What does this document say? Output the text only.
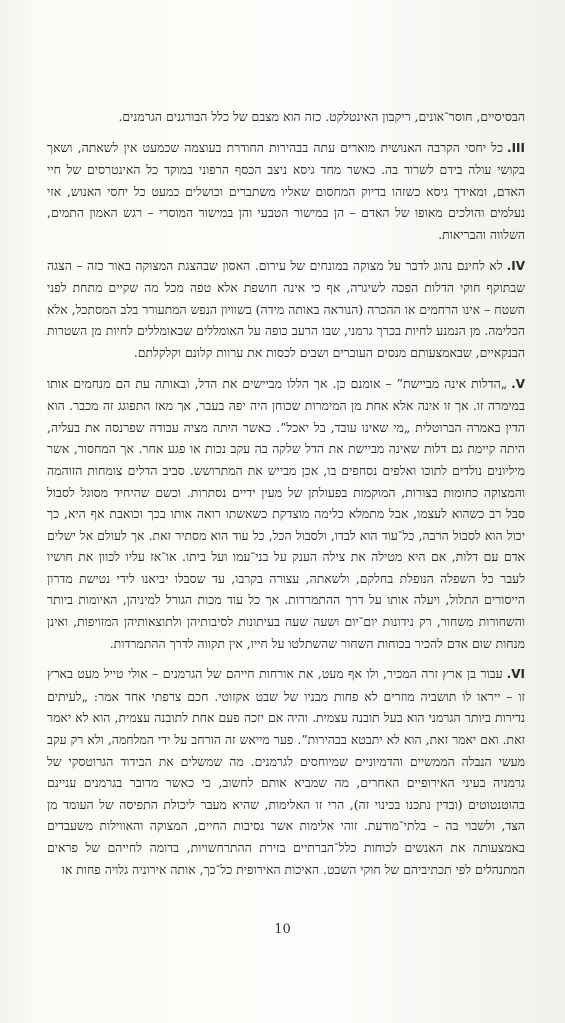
הבסיסיים, חוסר־אונים, ריקבון האינטלקט. כזה הוא מצבם של כלל הבורגנים הגרמנים.

III.כל יחסי הקרבה האנושית מוארים עתה בבהירות החודרת בעוצמה שכמעט אין לשאתה, ושאך בקושי עולה בידם לשרוד בה. כאשר מחד גיסא ניצב הכסף הרפוני במוקד כל האינטרסים של חיי האדם, ומאידך גיסא כשזהו בדיוק המחסום שאליו משתברים וכושלים כמעט כל יחסי האנוש, אזי נעלמים והולכים מאופו של האדם – הן במישור הטבעי והן במישור המוסרי – רגש האמון התמים, השלווה והבריאות.

IV.לא לחינם נהוג לדבר על מצוקה במונחים של עירום. האסון שבהצגת המצוקה באור כזה – הצגה שבתוקף חוקי הדלות הפכה לשיגרה, אף כי אינה חושפת אלא טפה מכל מה שקיים מתחת לפני השטח – אינו הרחמים או ההכרה (הנוראה באותה מידה) בשוויון הנפש המתעורר בלב המסתכל, אלא הכלימה. מן הנמנע לחיות בכרך גרמני, שבו הרעב כופה על האומללים שבאומללים לחיות מן השטרות הבנקאיים, שבאמצעותם מנסים העוברים ושבים לכסות את ערוות קלונם וקלקלתם.

V.„הדלות אינה מביישת” – אומנם כן. אך הללו מביישים את הדל, ובאותה עת הם מנחמים אותו במימרה זו. אך זו אינה אלא אחת מן המימרות שכוחן היה יפה בעבר, אך מאז התפוגג זה מכבר. הוא הדין באמרה הברוטלית „מי שאינו עובד, בל יאכל”. כאשר היתה מציה עבודה שפרנסה את בעליה, היתה קיימת גם דלות שאינה מביישת את הדל שלקה בה עקב נכות או פגע אחר. אך המחסור, אשר מיליונים נולדים לתוכו ואלפים נסחפים בו, אכן מבייש את המתרושש. סביב הדלים צומחות הזוהמה והמצוקה כחומות בצורות, המוקמות בפעולתן של מעין ידיים נסתרות. וכשם שהיחיד מסוגל לסבול סבל רב כשהוא לעצמו, אבל מתמלא כלימה מוצדקת כשאשתו רואה אותו בכך וכואבת אף היא, כך יכול הוא לסבול הרבה, כל־עוד הוא לבדו, ולסבול הכל, כל עוד הוא מסתיר זאת. אך לעולם אל ישלים אדם עם דלות, אם היא מטילה את צילה הענק על בני־עמו ועל ביתו. או־אז עליו לכוון את חושיו לעבר כל השפלה הנופלת בחלקם, ולשאתה, עצורה בקרבו, עד שסבלו יביאנו לידי נטישת מדרון הייסורים התלול, ויעלה אותו על דרך ההתמרדות. אך כל עוד מכות הגורל למיניהן, האיומות ביותר והשחורות משחור, רק נידונות יום־יום ושעה שעה בעיתונות לסיבותיהן ולתוצאותיהן המזויפות, ואינן מנחות שום אדם להכיר בכוחות השחור שהשתלטו על חייו, אין תקווה לדרך ההתמרדות.

VI.עבור בן ארץ זרה המכיר, ולו אף מעט, את אורחות חייהם של הגרמנים – אולי טייל מעט בארץ זו – ייראו לו תושביה מוזרים לא פחות מבניו של שבט אקזוטי. חכם צרפתי אחד אמר: „לעיתים נדירות ביותר הגרמני הוא בעל תובנה עצמית. והיה אם יזכה פעם אחת לתובנה עצמית, הוא לא יאמר זאת. ואם יאמר זאת, הוא לא יתבטא בבהירות”. פער מייאש זה הורחב על ידי המלחמה, ולא רק עקב מעשי הנבלה הממשיים והדמיוניים שמיוחסים לגרמנים. מה שמשלים את הבידוד הגרוטסקי של גרמניה בעיני האירופיים האחרים, מה שמביא אותם לחשוב, כי כאשר מדובר בגרמנים עניינם בהוטנטוטים (ובדין נתכנו בכינוי זה), הרי זו האלימות, שהיא מעבר ליכולת התפיסה של העומד מן הצד, ולשבוי בה – בלתי־מודעת. זוהי אלימות אשר נסיבות החיים, המצוקה והאווילות משעבדים באמצעותה את האנשים לכוחות כלל־הברתיים בזירת ההתרחשויות, בדומה לחייהם של פראים המתנהלים לפי תכתיביהם של חוקי השבט. האיכות האירופית כל־כך, אותה אירוניה גלויה פחות או

10
